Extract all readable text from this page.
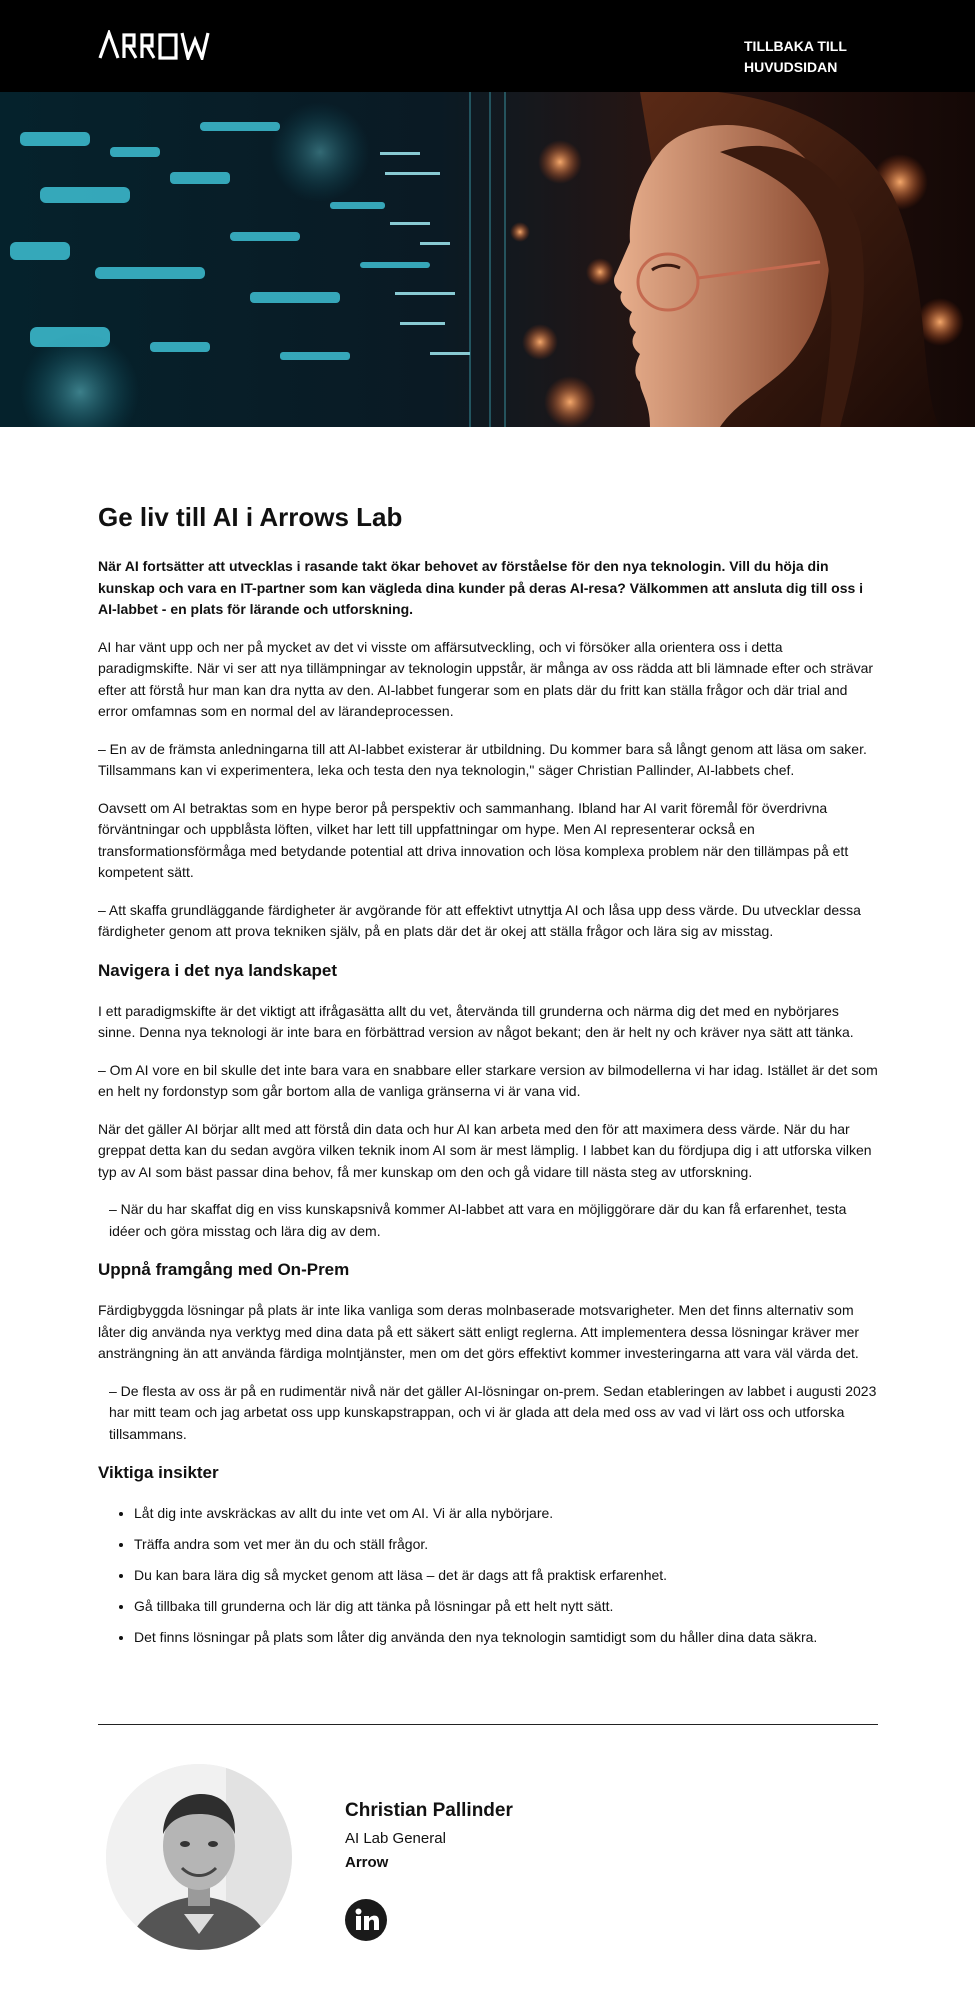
TILLBAKA TILL
HUVUDSIDAN
Ge liv till AI i Arrows Lab

När AI fortsätter att utvecklas i rasande takt ökar behovet av förståelse för den nya teknologin. Vill du höja din kunskap och vara en IT-partner som kan vägleda dina kunder på deras AI-resa? Välkommen att ansluta dig till oss i AI-labbet - en plats för lärande och utforskning.

AI har vänt upp och ner på mycket av det vi visste om affärsutveckling, och vi försöker alla orientera oss i detta paradigmskifte. När vi ser att nya tillämpningar av teknologin uppstår, är många av oss rädda att bli lämnade efter och strävar efter att förstå hur man kan dra nytta av den. AI-labbet fungerar som en plats där du fritt kan ställa frågor och där trial and error omfamnas som en normal del av lärandeprocessen.

– En av de främsta anledningarna till att AI-labbet existerar är utbildning. Du kommer bara så långt genom att läsa om saker. Tillsammans kan vi experimentera, leka och testa den nya teknologin," säger Christian Pallinder, AI-labbets chef.

Oavsett om AI betraktas som en hype beror på perspektiv och sammanhang. Ibland har AI varit föremål för överdrivna förväntningar och uppblåsta löften, vilket har lett till uppfattningar om hype. Men AI representerar också en transformationsförmåga med betydande potential att driva innovation och lösa komplexa problem när den tillämpas på ett kompetent sätt.

– Att skaffa grundläggande färdigheter är avgörande för att effektivt utnyttja AI och låsa upp dess värde. Du utvecklar dessa färdigheter genom att prova tekniken själv, på en plats där det är okej att ställa frågor och lära sig av misstag.

Navigera i det nya landskapet

I ett paradigmskifte är det viktigt att ifrågasätta allt du vet, återvända till grunderna och närma dig det med en nybörjares sinne. Denna nya teknologi är inte bara en förbättrad version av något bekant; den är helt ny och kräver nya sätt att tänka.

– Om AI vore en bil skulle det inte bara vara en snabbare eller starkare version av bilmodellerna vi har idag. Istället är det som en helt ny fordonstyp som går bortom alla de vanliga gränserna vi är vana vid.

När det gäller AI börjar allt med att förstå din data och hur AI kan arbeta med den för att maximera dess värde. När du har greppat detta kan du sedan avgöra vilken teknik inom AI som är mest lämplig. I labbet kan du fördjupa dig i att utforska vilken typ av AI som bäst passar dina behov, få mer kunskap om den och gå vidare till nästa steg av utforskning.

– När du har skaffat dig en viss kunskapsnivå kommer AI-labbet att vara en möjliggörare där du kan få erfarenhet, testa idéer och göra misstag och lära dig av dem.

Uppnå framgång med On-Prem

Färdigbyggda lösningar på plats är inte lika vanliga som deras molnbaserade motsvarigheter. Men det finns alternativ som låter dig använda nya verktyg med dina data på ett säkert sätt enligt reglerna. Att implementera dessa lösningar kräver mer ansträngning än att använda färdiga molntjänster, men om det görs effektivt kommer investeringarna att vara väl värda det.

– De flesta av oss är på en rudimentär nivå när det gäller AI-lösningar on-prem. Sedan etableringen av labbet i augusti 2023 har mitt team och jag arbetat oss upp kunskapstrappan, och vi är glada att dela med oss av vad vi lärt oss och utforska tillsammans.

Viktiga insikter
• Låt dig inte avskräckas av allt du inte vet om AI. Vi är alla nybörjare.
• Träffa andra som vet mer än du och ställ frågor.
• Du kan bara lära dig så mycket genom att läsa – det är dags att få praktisk erfarenhet.
• Gå tillbaka till grunderna och lär dig att tänka på lösningar på ett helt nytt sätt.
• Det finns lösningar på plats som låter dig använda den nya teknologin samtidigt som du håller dina data säkra.
Christian Pallinder
AI Lab General
Arrow
